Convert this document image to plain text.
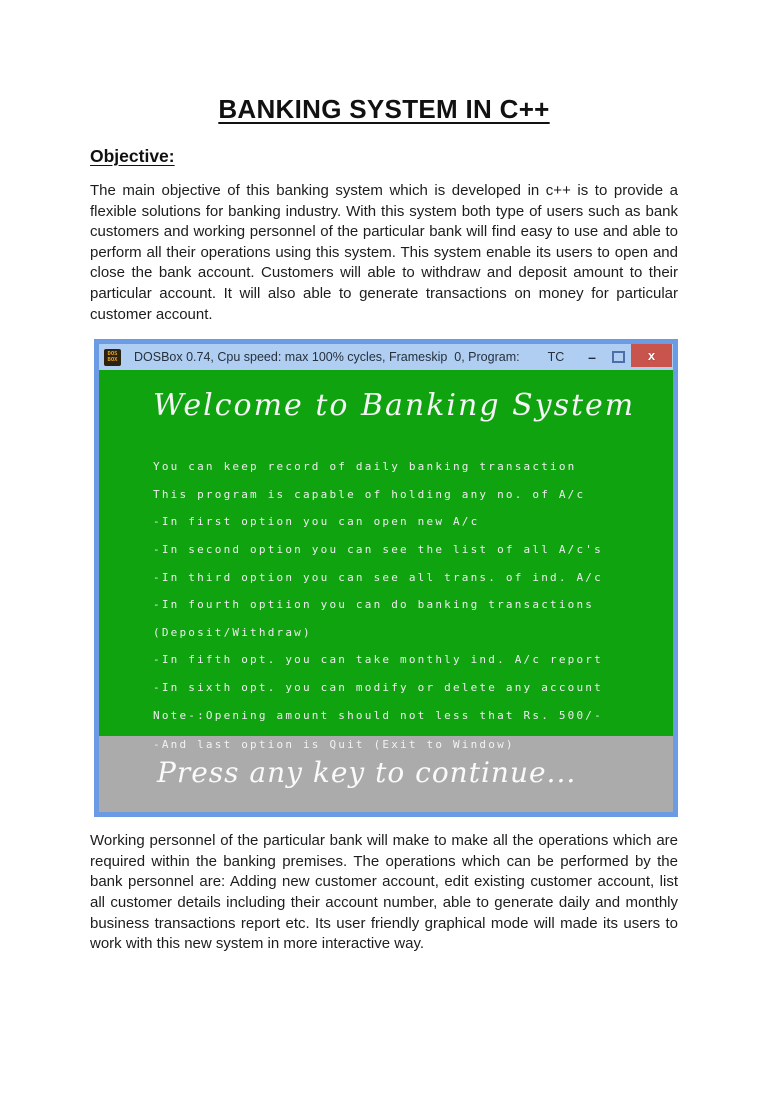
BANKING SYSTEM IN C++
Objective:

The main objective of this banking system which is developed in c++ is to provide a flexible solutions for banking industry. With this system both type of users such as bank customers and working personnel of the particular bank will find easy to use and able to perform all their operations using this system. This system enable its users to open and close the bank account. Customers will able to withdraw and deposit amount to their particular account. It will also able to generate transactions on money for particular customer account.

DOS
BOX DOSBox 0.74, Cpu speed: max 100% cycles, Frameskip  0, Program: TC –	x
Welcome to Banking System
You can keep record of daily banking transaction
This program is capable of holding any no. of A/c
-In first option you can open new A/c
-In second option you can see the list of all A/c's
-In third option you can see all trans. of ind. A/c
-In fourth optiion you can do banking transactions
(Deposit/Withdraw)
-In fifth opt. you can take monthly ind. A/c report
-In sixth opt. you can modify or delete any account
Note-:Opening amount should not less that Rs. 500/-
-And last option is Quit (Exit to Window)
Press any key to continue...

Working personnel of the particular bank will make to make all the operations which are required within the banking premises. The operations which can be performed by the bank personnel are: Adding new customer account, edit existing customer account, list all customer details including their account number, able to generate daily and monthly business transactions report etc. Its user friendly graphical mode will made its users to work with this new system in more interactive way.
